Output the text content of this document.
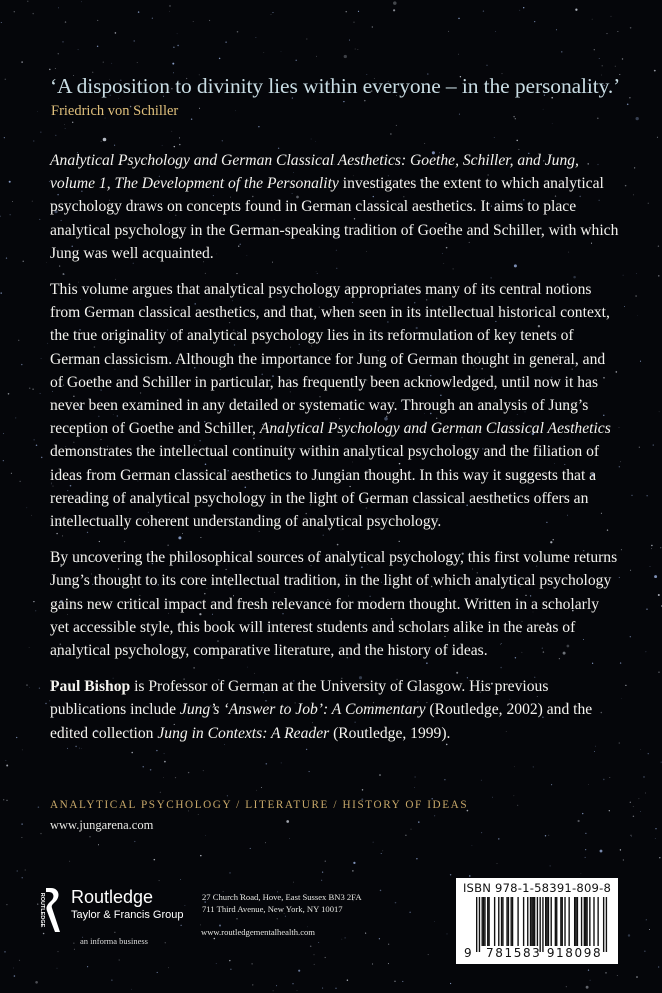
‘A disposition to divinity lies within everyone – in the personality.’
Friedrich von Schiller

Analytical Psychology and German Classical Aesthetics: Goethe, Schiller, and Jung, volume 1, The Development of the Personality investigates the extent to which analytical psychology draws on concepts found in German classical aesthetics. It aims to place analytical psychology in the German-speaking tradition of Goethe and Schiller, with which Jung was well acquainted.

This volume argues that analytical psychology appropriates many of its central notions from German classical aesthetics, and that, when seen in its intellectual historical context, the true originality of analytical psychology lies in its reformulation of key tenets of German classicism. Although the importance for Jung of German thought in general, and of Goethe and Schiller in particular, has frequently been acknowledged, until now it has never been examined in any detailed or systematic way. Through an analysis of Jung’s reception of Goethe and Schiller, Analytical Psychology and German Classical Aesthetics demonstrates the intellectual continuity within analytical psychology and the filiation of ideas from German classical aesthetics to Jungian thought. In this way it suggests that a rereading of analytical psychology in the light of German classical aesthetics offers an intellectually coherent understanding of analytical psychology.

By uncovering the philosophical sources of analytical psychology, this first volume returns Jung’s thought to its core intellectual tradition, in the light of which analytical psychology gains new critical impact and fresh relevance for modern thought. Written in a scholarly yet accessible style, this book will interest students and scholars alike in the areas of analytical psychology, comparative literature, and the history of ideas.

Paul Bishop is Professor of German at the University of Glasgow. His previous publications include Jung’s ‘Answer to Job’: A Commentary (Routledge, 2002) and the edited collection Jung in Contexts: A Reader (Routledge, 1999).

ANALYTICAL PSYCHOLOGY / LITERATURE / HISTORY OF IDEAS
www.jungarena.com
ROUTLEDGE Routledge
Taylor & Francis Group
an informa business
27 Church Road, Hove, East Sussex BN3 2FA
711 Third Avenue, New York, NY 10017
www.routledgementalhealth.com
ISBN 978-1-58391-809-8
9 781583 918098
